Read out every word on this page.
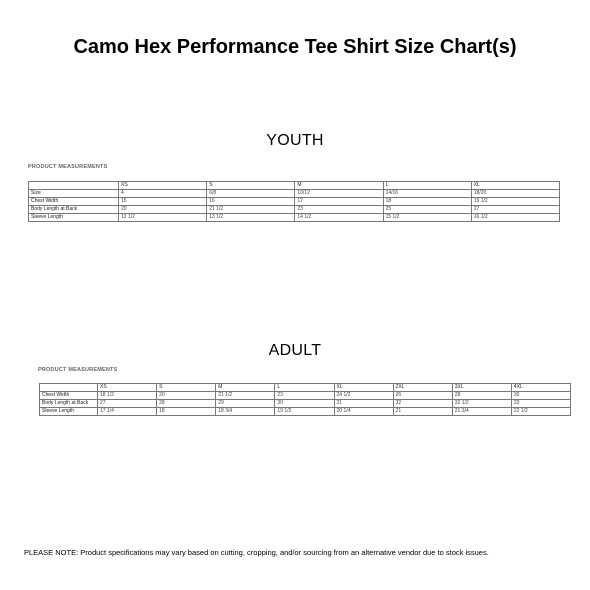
Camo Hex Performance Tee Shirt Size Chart(s)
YOUTH
PRODUCT MEASUREMENTS
	XS	S	M	L	XL
Size	4	6/8	10/12	14/16	18/20
Chest Width	15	16	17	18	19 1/2
Body Length at Back	20	21 1/2	23	25	27
Sleeve Length	12 1/2	13 1/2	14 1/2	15 1/2	16 1/2
ADULT
PRODUCT MEASUREMENTS
	XS	S	M	L	XL	2XL	3XL	4XL
Chest Width	18 1/2	20	21 1/2	23	24 1/2	26	28	30
Body Length at Back	27	28	29	30	31	32	32 1/2	33
Sleeve Length	17 1/4	18	18 3/4	19 1/2	20 1/4	21	21 3/4	22 1/2
PLEASE NOTE: Product specifications may vary based on cutting, cropping, and/or sourcing from an alternative vendor due to stock issues.
